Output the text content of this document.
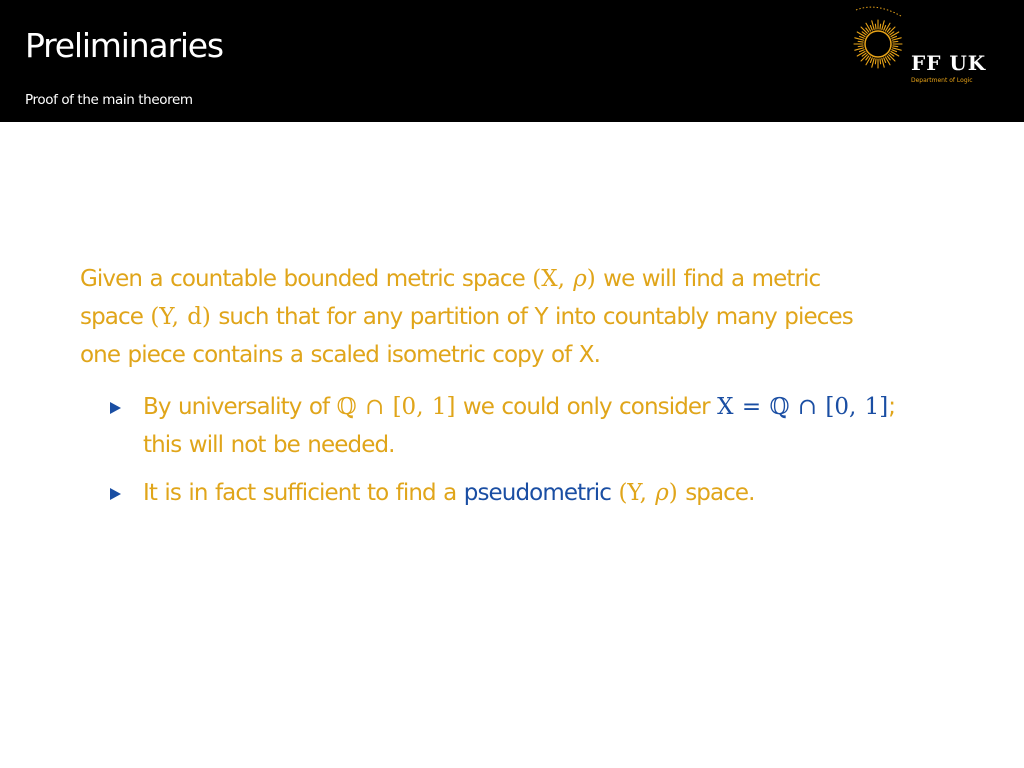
Preliminaries
Proof of the main theorem
FF UK
Department of Logic

Given a countable bounded metric space (X, ρ) we will find a metric
space (Y, d) such that for any partition of Y into countably many pieces
one piece contains a scaled isometric copy of X.

By universality of ℚ ∩ [0, 1] we could only consider X = ℚ ∩ [0, 1];
this will not be needed.
It is in fact sufficient to find a pseudometric (Y, ρ) space.
